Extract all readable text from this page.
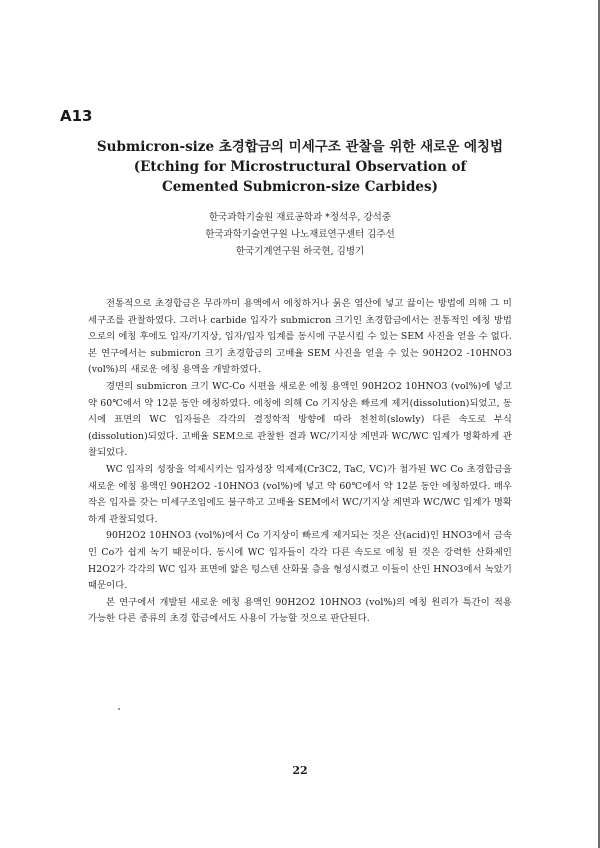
A13
Submicron-size 초경합금의 미세구조 관찰을 위한 새로운 에칭법
(Etching for Microstructural Observation of
Cemented Submicron-size Carbides)
한국과학기술원 재료공학과 *정석우, 강석중
한국과학기술연구원 나노재료연구센터 김주선
한국기계연구원 하국현, 김병기

전통적으로 초경합금은 무라까미 용액에서 에칭하거나 묽은 염산에 넣고 끓이는 방법에 의해 그 미세구조를 관찰하였다. 그러나 carbide 입자가 submicron 크기인 초경합금에서는 전통적인 에칭 방법으로의 에칭 후에도 입자/기지상, 입자/입자 입계를 동시에 구분시킬 수 있는 SEM 사진을 얻을 수 없다. 본 연구에서는 submicron 크기 초경합금의 고배율 SEM 사진을 얻을 수 있는 90H2O2 -10HNO3 (vol%)의 새로운 에칭 용액을 개발하였다.

경면의 submicron 크기 WC-Co 시편을 새로운 에칭 용액인 90H2O2 10HNO3 (vol%)에 넣고 약 60℃에서 약 12분 동안 에칭하였다. 에칭에 의해 Co 기지상은 빠르게 제거(dissolution)되었고, 동시에 표면의 WC 입자들은 각각의 결정학적 방향에 따라 천천히(slowly) 다른 속도로 부식(dissolution)되었다. 고배율 SEM으로 관찰한 결과 WC/기지상 계면과 WC/WC 입계가 명확하게 관찰되었다.

WC 입자의 성장을 억제시키는 입자성장 억제제(Cr3C2, TaC, VC)가 첨가된 WC Co 초경합금을 새로운 에칭 용액인 90H2O2 -10HNO3 (vol%)에 넣고 약 60℃에서 약 12분 동안 에칭하였다. 매우 작은 입자를 갖는 미세구조임에도 불구하고 고배율 SEM에서 WC/기지상 계면과 WC/WC 입계가 명확하게 관찰되었다.

90H2O2 10HNO3 (vol%)에서 Co 기지상이 빠르게 제거되는 것은 산(acid)인 HNO3에서 금속인 Co가 쉽게 녹기 때문이다. 동시에 WC 입자들이 각각 다른 속도로 에칭 된 것은 강력한 산화제인 H2O2가 각각의 WC 입자 표면에 얇은 텅스텐 산화물 층을 형성시켰고 이들이 산인 HNO3에서 녹았기 때문이다.

본 연구에서 개발된 새로운 에칭 용액인 90H2O2 10HNO3 (vol%)의 에칭 원리가 특간이 적용 가능한 다른 종류의 초경 합금에서도 사용이 가능할 것으로 판단된다.

22
